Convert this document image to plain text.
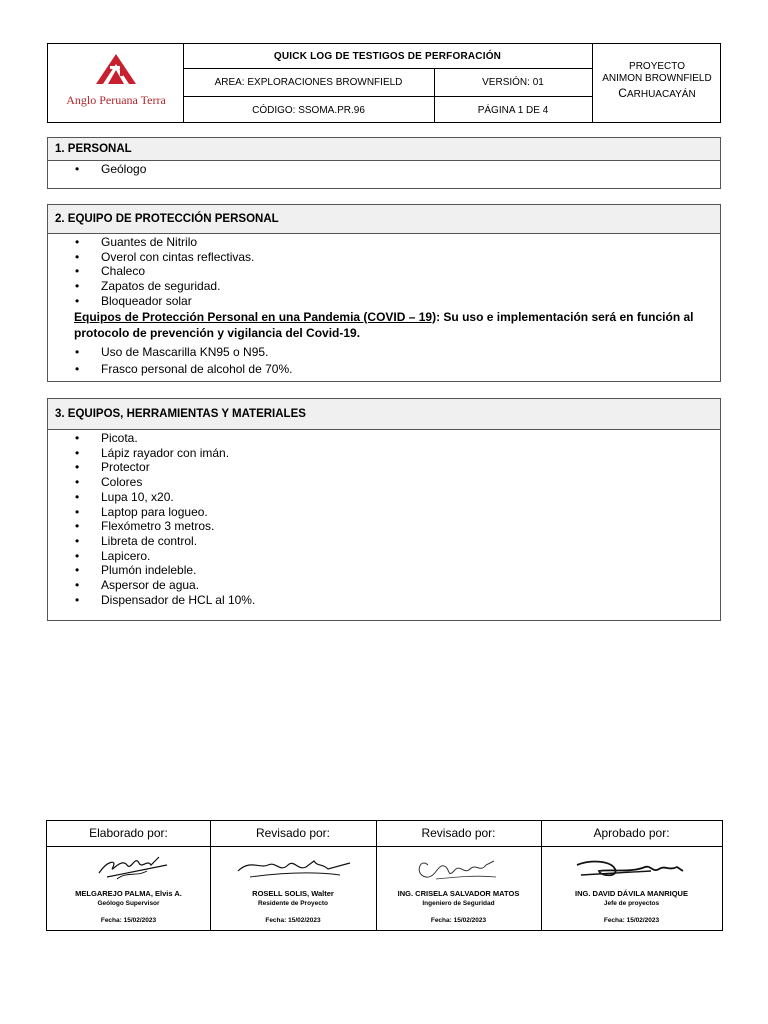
Anglo Peruana Terra
QUICK LOG DE TESTIGOS DE PERFORACIÓN
AREA: EXPLORACIONES BROWNFIELD	VERSIÓN: 01
CÓDIGO: SSOMA.PR.96	PÁGINA 1 DE 4
PROYECTO
ANIMON BROWNFIELD
CARHUACAYÁN
1. PERSONAL
• Geólogo
2. EQUIPO DE PROTECCIÓN PERSONAL
• Guantes de Nitrilo
• Overol con cintas reflectivas.
• Chaleco
• Zapatos de seguridad.
• Bloqueador solar
Equipos de Protección Personal en una Pandemia (COVID – 19): Su uso e implementación será en función al protocolo de prevención y vigilancia del Covid-19.
• Uso de Mascarilla KN95 o N95.
• Frasco personal de alcohol de 70%.
3. EQUIPOS, HERRAMIENTAS Y MATERIALES
• Picota.
• Lápiz rayador con imán.
• Protector
• Colores
• Lupa 10, x20.
• Laptop para logueo.
• Flexómetro 3 metros.
• Libreta de control.
• Lapicero.
• Plumón indeleble.
• Aspersor de agua.
• Dispensador de HCL al 10%.
Elaborado por:
MELGAREJO PALMA, Elvis A.
Geólogo Supervisor
Fecha: 15/02/2023
Revisado por:
ROSELL SOLIS, Walter
Residente de Proyecto
Fecha: 15/02/2023
Revisado por:
ING. CRISELA SALVADOR MATOS
Ingeniero de Seguridad
Fecha: 15/02/2023
Aprobado por:
ING. DAVID DÁVILA MANRIQUE
Jefe de proyectos
Fecha: 15/02/2023
